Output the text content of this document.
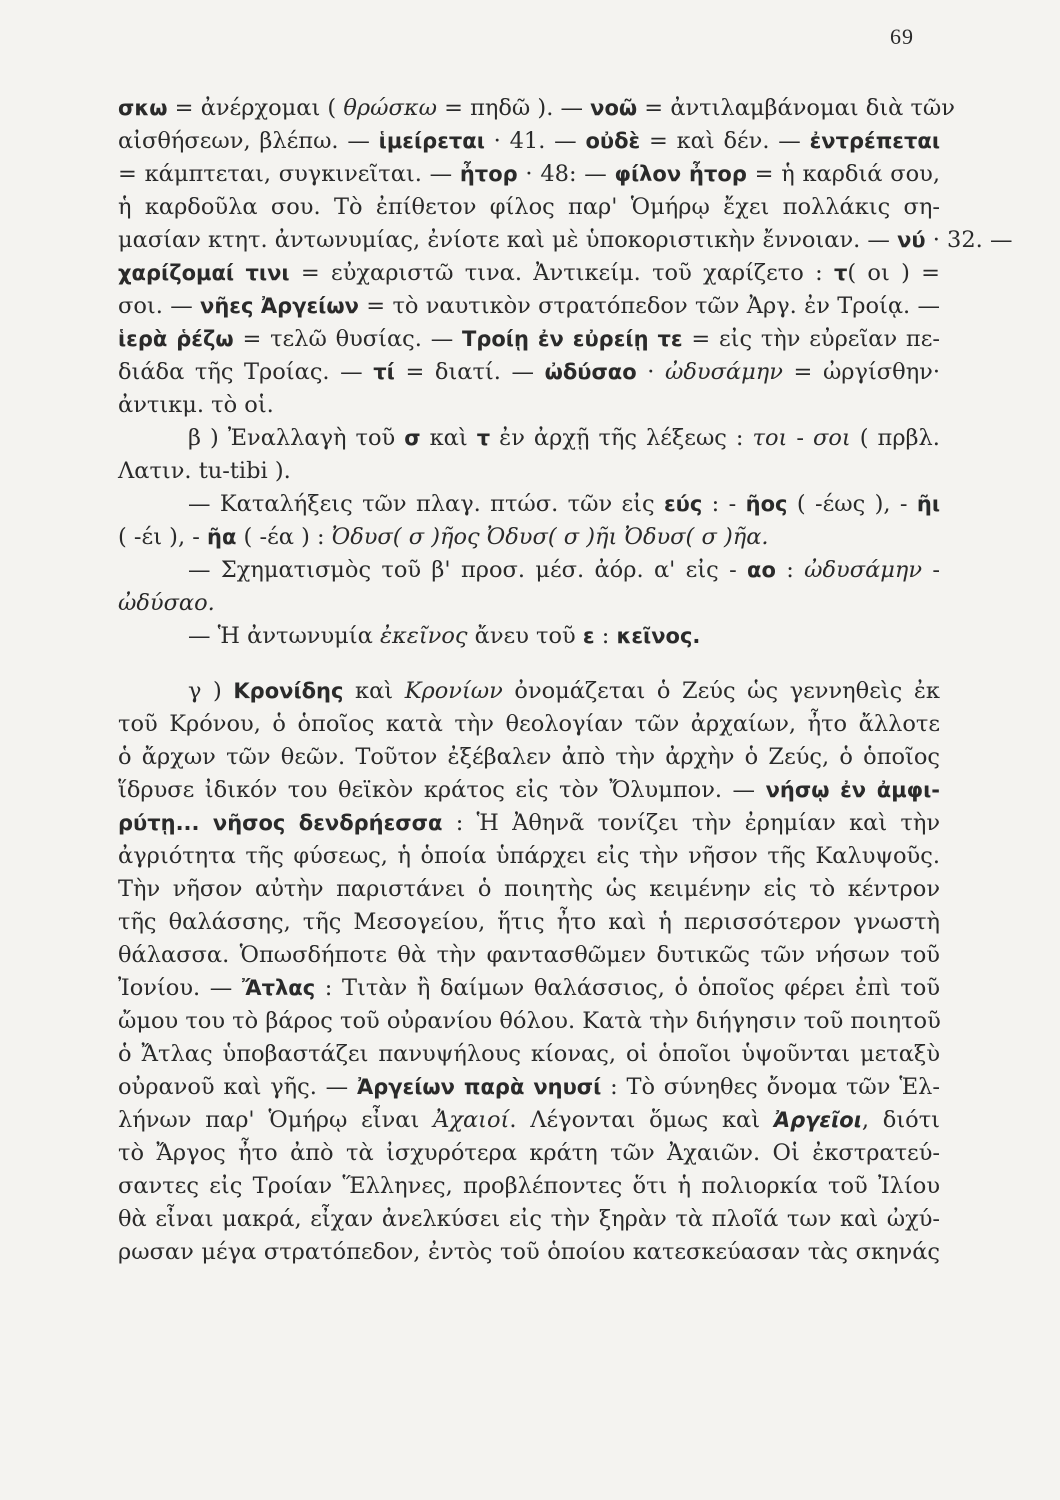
69
σκω = ἀνέρχομαι ( θρώσκω = πηδῶ ). — νοῶ = ἀντιλαμβάνομαι διὰ τῶν
αἰσθήσεων, βλέπω. — ἱμείρεται · 41. — οὐδὲ = καὶ δέν. — ἐντρέπεται
= κάμπτεται, συγκινεῖται. — ἦτορ · 48: — φίλον ἦτορ = ἡ καρδιά σου,
ἡ καρδοῦλα σου. Τὸ ἐπίθετον φίλος παρ' Ὁμήρῳ ἔχει πολλάκις ση-
μασίαν κτητ. ἀντωνυμίας, ἐνίοτε καὶ μὲ ὑποκοριστικὴν ἔννοιαν. — νύ · 32. —
χαρίζομαί τινι = εὐχαριστῶ τινα. Ἀντικείμ. τοῦ χαρίζετο : τ( οι ) =
σοι. — νῆες Ἀργείων = τὸ ναυτικὸν στρατόπεδον τῶν Ἀργ. ἐν Τροίᾳ. —
ἱερὰ ῥέζω = τελῶ θυσίας. — Τροίῃ ἐν εὐρείῃ τε = εἰς τὴν εὐρεῖαν πε-
διάδα τῆς Τροίας. — τί = διατί. — ὠδύσαο · ὠδυσάμην = ὠργίσθην·
ἀντικμ. τὸ οἱ.
β ) Ἐναλλαγὴ τοῦ σ καὶ τ ἐν ἀρχῇ τῆς λέξεως : τοι - σοι ( πρβλ.
Λατιν. tu-tibi ).
— Καταλήξεις τῶν πλαγ. πτώσ. τῶν εἰς εύς : - ῆος ( -έως ), - ῆι
( -έι ), - ῆα ( -έα ) : Ὀδυσ( σ )ῆος Ὀδυσ( σ )ῆι Ὀδυσ( σ )ῆα.
— Σχηματισμὸς τοῦ β' προσ. μέσ. ἀόρ. α' εἰς - αο : ὠδυσάμην -
ὠδύσαο.
— Ἡ ἀντωνυμία ἐκεῖνος ἄνευ τοῦ ε : κεῖνος.
γ ) Κρονίδης καὶ Κρονίων ὀνομάζεται ὁ Ζεύς ὡς γεννηθεὶς ἐκ
τοῦ Κρόνου, ὁ ὁποῖος κατὰ τὴν θεολογίαν τῶν ἀρχαίων, ἦτο ἄλλοτε
ὁ ἄρχων τῶν θεῶν. Τοῦτον ἐξέβαλεν ἀπὸ τὴν ἀρχὴν ὁ Ζεύς, ὁ ὁποῖος
ἵδρυσε ἰδικόν του θεϊκὸν κράτος εἰς τὸν Ὄλυμπον. — νήσῳ ἐν ἀμφι-
ρύτῃ... νῆσος δενδρήεσσα : Ἡ Ἀθηνᾶ τονίζει τὴν ἐρημίαν καὶ τὴν
ἀγριότητα τῆς φύσεως, ἡ ὁποία ὑπάρχει εἰς τὴν νῆσον τῆς Καλυψοῦς.
Τὴν νῆσον αὐτὴν παριστάνει ὁ ποιητὴς ὡς κειμένην εἰς τὸ κέντρον
τῆς θαλάσσης, τῆς Μεσογείου, ἥτις ἦτο καὶ ἡ περισσότερον γνωστὴ
θάλασσα. Ὁπωσδήποτε θὰ τὴν φαντασθῶμεν δυτικῶς τῶν νήσων τοῦ
Ἰονίου. — Ἄτλας : Τιτὰν ἢ δαίμων θαλάσσιος, ὁ ὁποῖος φέρει ἐπὶ τοῦ
ὤμου του τὸ βάρος τοῦ οὐρανίου θόλου. Κατὰ τὴν διήγησιν τοῦ ποιητοῦ
ὁ Ἄτλας ὑποβαστάζει πανυψήλους κίονας, οἱ ὁποῖοι ὑψοῦνται μεταξὺ
οὐρανοῦ καὶ γῆς. — Ἀργείων παρὰ νηυσί : Τὸ σύνηθες ὄνομα τῶν Ἑλ-
λήνων παρ' Ὁμήρῳ εἶναι Ἀχαιοί. Λέγονται ὅμως καὶ Ἀργεῖοι, διότι
τὸ Ἄργος ἦτο ἀπὸ τὰ ἰσχυρότερα κράτη τῶν Ἀχαιῶν. Οἱ ἐκστρατεύ-
σαντες εἰς Τροίαν Ἕλληνες, προβλέποντες ὅτι ἡ πολιορκία τοῦ Ἰλίου
θὰ εἶναι μακρά, εἶχαν ἀνελκύσει εἰς τὴν ξηρὰν τὰ πλοῖά των καὶ ὠχύ-
ρωσαν μέγα στρατόπεδον, ἐντὸς τοῦ ὁποίου κατεσκεύασαν τὰς σκηνάς
